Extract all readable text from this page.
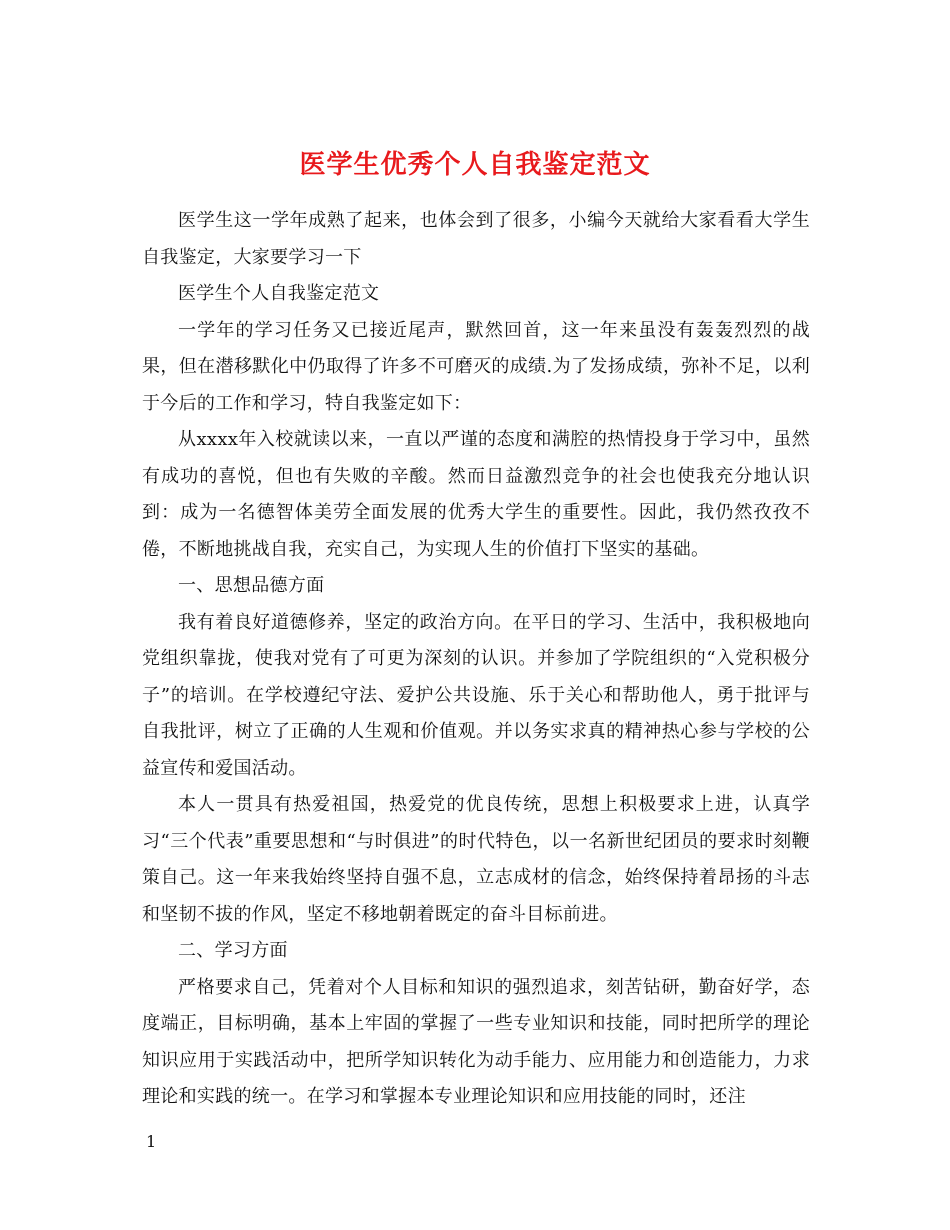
医学生优秀个人自我鉴定范文

医学生这一学年成熟了起来，也体会到了很多，小编今天就给大家看看大学生自我鉴定，大家要学习一下

医学生个人自我鉴定范文

一学年的学习任务又已接近尾声，默然回首，这一年来虽没有轰轰烈烈的战果，但在潜移默化中仍取得了许多不可磨灭的成绩.为了发扬成绩，弥补不足，以利于今后的工作和学习，特自我鉴定如下：

从xxxx年入校就读以来，一直以严谨的态度和满腔的热情投身于学习中，虽然有成功的喜悦，但也有失败的辛酸。然而日益激烈竞争的社会也使我充分地认识到：成为一名德智体美劳全面发展的优秀大学生的重要性。因此，我仍然孜孜不倦，不断地挑战自我，充实自己，为实现人生的价值打下坚实的基础。

一、思想品德方面

我有着良好道德修养，坚定的政治方向。在平日的学习、生活中，我积极地向党组织靠拢，使我对党有了可更为深刻的认识。并参加了学院组织的“入党积极分子”的培训。在学校遵纪守法、爱护公共设施、乐于关心和帮助他人，勇于批评与自我批评，树立了正确的人生观和价值观。并以务实求真的精神热心参与学校的公益宣传和爱国活动。

本人一贯具有热爱祖国，热爱党的优良传统，思想上积极要求上进，认真学习“三个代表”重要思想和“与时俱进”的时代特色，以一名新世纪团员的要求时刻鞭策自己。这一年来我始终坚持自强不息，立志成材的信念，始终保持着昂扬的斗志和坚韧不拔的作风，坚定不移地朝着既定的奋斗目标前进。

二、学习方面

严格要求自己，凭着对个人目标和知识的强烈追求，刻苦钻研，勤奋好学，态度端正，目标明确，基本上牢固的掌握了一些专业知识和技能，同时把所学的理论知识应用于实践活动中，把所学知识转化为动手能力、应用能力和创造能力，力求理论和实践的统一。在学习和掌握本专业理论知识和应用技能的同时，还注

1
